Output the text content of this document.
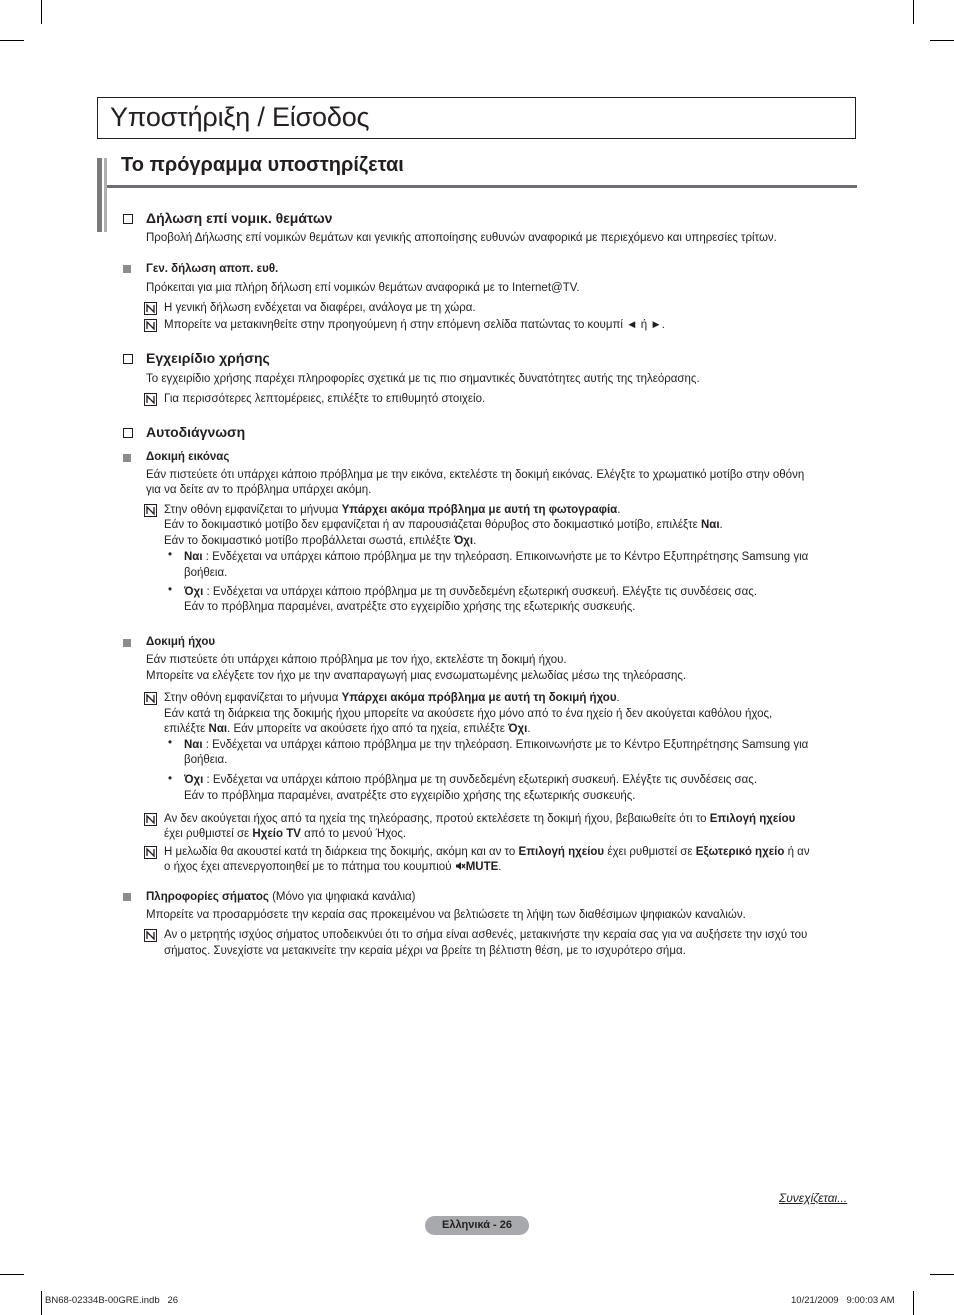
Υποστήριξη / Είσοδος
Το πρόγραμμα υποστηρίζεται
Δήλωση επί νομικ. θεμάτων
Προβολή Δήλωσης επί νομικών θεμάτων και γενικής αποποίησης ευθυνών αναφορικά με περιεχόμενο και υπηρεσίες τρίτων.
Γεν. δήλωση αποπ. ευθ.
Πρόκειται για μια πλήρη δήλωση επί νομικών θεμάτων αναφορικά με το Internet@TV.
Η γενική δήλωση ενδέχεται να διαφέρει, ανάλογα με τη χώρα.
Μπορείτε να μετακινηθείτε στην προηγούμενη ή στην επόμενη σελίδα πατώντας το κουμπί ◄ ή ►.
Εγχειρίδιο χρήσης
Το εγχειρίδιο χρήσης παρέχει πληροφορίες σχετικά με τις πιο σημαντικές δυνατότητες αυτής της τηλεόρασης.
Για περισσότερες λεπτομέρειες, επιλέξτε το επιθυμητό στοιχείο.
Αυτοδιάγνωση
Δοκιμή εικόνας
Εάν πιστεύετε ότι υπάρχει κάποιο πρόβλημα με την εικόνα, εκτελέστε τη δοκιμή εικόνας. Ελέγξτε το χρωματικό μοτίβο στην οθόνη
για να δείτε αν το πρόβλημα υπάρχει ακόμη.
Στην οθόνη εμφανίζεται το μήνυμα Υπάρχει ακόμα πρόβλημα με αυτή τη φωτογραφία.
Εάν το δοκιμαστικό μοτίβο δεν εμφανίζεται ή αν παρουσιάζεται θόρυβος στο δοκιμαστικό μοτίβο, επιλέξτε Ναι.
Εάν το δοκιμαστικό μοτίβο προβάλλεται σωστά, επιλέξτε Όχι.
• Ναι : Ενδέχεται να υπάρχει κάποιο πρόβλημα με την τηλεόραση. Επικοινωνήστε με το Κέντρο Εξυπηρέτησης Samsung για
βοήθεια.
• Όχι : Ενδέχεται να υπάρχει κάποιο πρόβλημα με τη συνδεδεμένη εξωτερική συσκευή. Ελέγξτε τις συνδέσεις σας.
Εάν το πρόβλημα παραμένει, ανατρέξτε στο εγχειρίδιο χρήσης της εξωτερικής συσκευής.
Δοκιμή ήχου
Εάν πιστεύετε ότι υπάρχει κάποιο πρόβλημα με τον ήχο, εκτελέστε τη δοκιμή ήχου.
Μπορείτε να ελέγξετε τον ήχο με την αναπαραγωγή μιας ενσωματωμένης μελωδίας μέσω της τηλεόρασης.
Στην οθόνη εμφανίζεται το μήνυμα Υπάρχει ακόμα πρόβλημα με αυτή τη δοκιμή ήχου.
Εάν κατά τη διάρκεια της δοκιμής ήχου μπορείτε να ακούσετε ήχο μόνο από το ένα ηχείο ή δεν ακούγεται καθόλου ήχος,
επιλέξτε Ναι. Εάν μπορείτε να ακούσετε ήχο από τα ηχεία, επιλέξτε Όχι.
• Ναι : Ενδέχεται να υπάρχει κάποιο πρόβλημα με την τηλεόραση. Επικοινωνήστε με το Κέντρο Εξυπηρέτησης Samsung για
βοήθεια.
• Όχι : Ενδέχεται να υπάρχει κάποιο πρόβλημα με τη συνδεδεμένη εξωτερική συσκευή. Ελέγξτε τις συνδέσεις σας.
Εάν το πρόβλημα παραμένει, ανατρέξτε στο εγχειρίδιο χρήσης της εξωτερικής συσκευής.
Αν δεν ακούγεται ήχος από τα ηχεία της τηλεόρασης, προτού εκτελέσετε τη δοκιμή ήχου, βεβαιωθείτε ότι το Επιλογή ηχείου
έχει ρυθμιστεί σε Ηχείο TV από το μενού Ήχος.
Η μελωδία θα ακουστεί κατά τη διάρκεια της δοκιμής, ακόμη και αν το Επιλογή ηχείου έχει ρυθμιστεί σε Εξωτερικό ηχείο ή αν
ο ήχος έχει απενεργοποιηθεί με το πάτημα του κουμπιού MUTE.
Πληροφορίες σήματος (Μόνο για ψηφιακά κανάλια)
Μπορείτε να προσαρμόσετε την κεραία σας προκειμένου να βελτιώσετε τη λήψη των διαθέσιμων ψηφιακών καναλιών.
Αν ο μετρητής ισχύος σήματος υποδεικνύει ότι το σήμα είναι ασθενές, μετακινήστε την κεραία σας για να αυξήσετε την ισχύ του
σήματος. Συνεχίστε να μετακινείτε την κεραία μέχρι να βρείτε τη βέλτιστη θέση, με το ισχυρότερο σήμα.
Συνεχίζεται...
Ελληνικά - 26
BN68-02334B-00GRE.indb   26	10/21/2009   9:00:03 AM
